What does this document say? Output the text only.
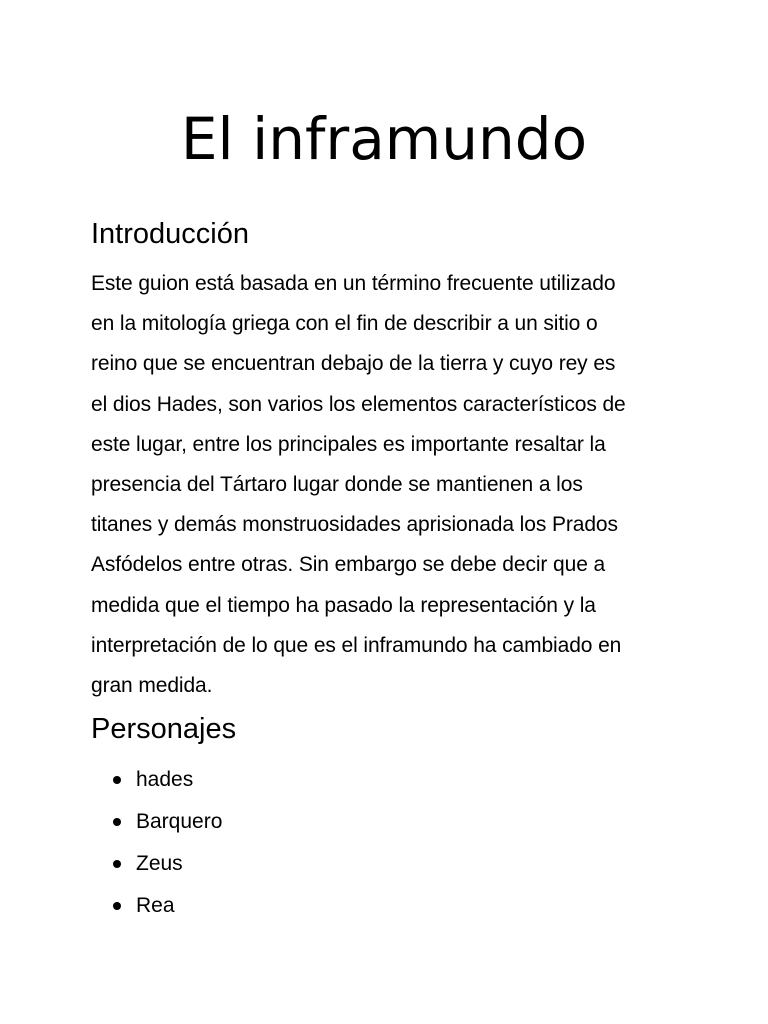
El inframundo
Introducción

Este guion está basada en un término frecuente utilizado
en la mitología griega con el fin de describir a un sitio o
reino que se encuentran debajo de la tierra y cuyo rey es
el dios Hades, son varios los elementos característicos de
este lugar, entre los principales es importante resaltar la
presencia del Tártaro lugar donde se mantienen a los
titanes y demás monstruosidades aprisionada los Prados
Asfódelos entre otras. Sin embargo se debe decir que a
medida que el tiempo ha pasado la representación y la
interpretación de lo que es el inframundo ha cambiado en
gran medida.

Personajes
hades
Barquero
Zeus
Rea
